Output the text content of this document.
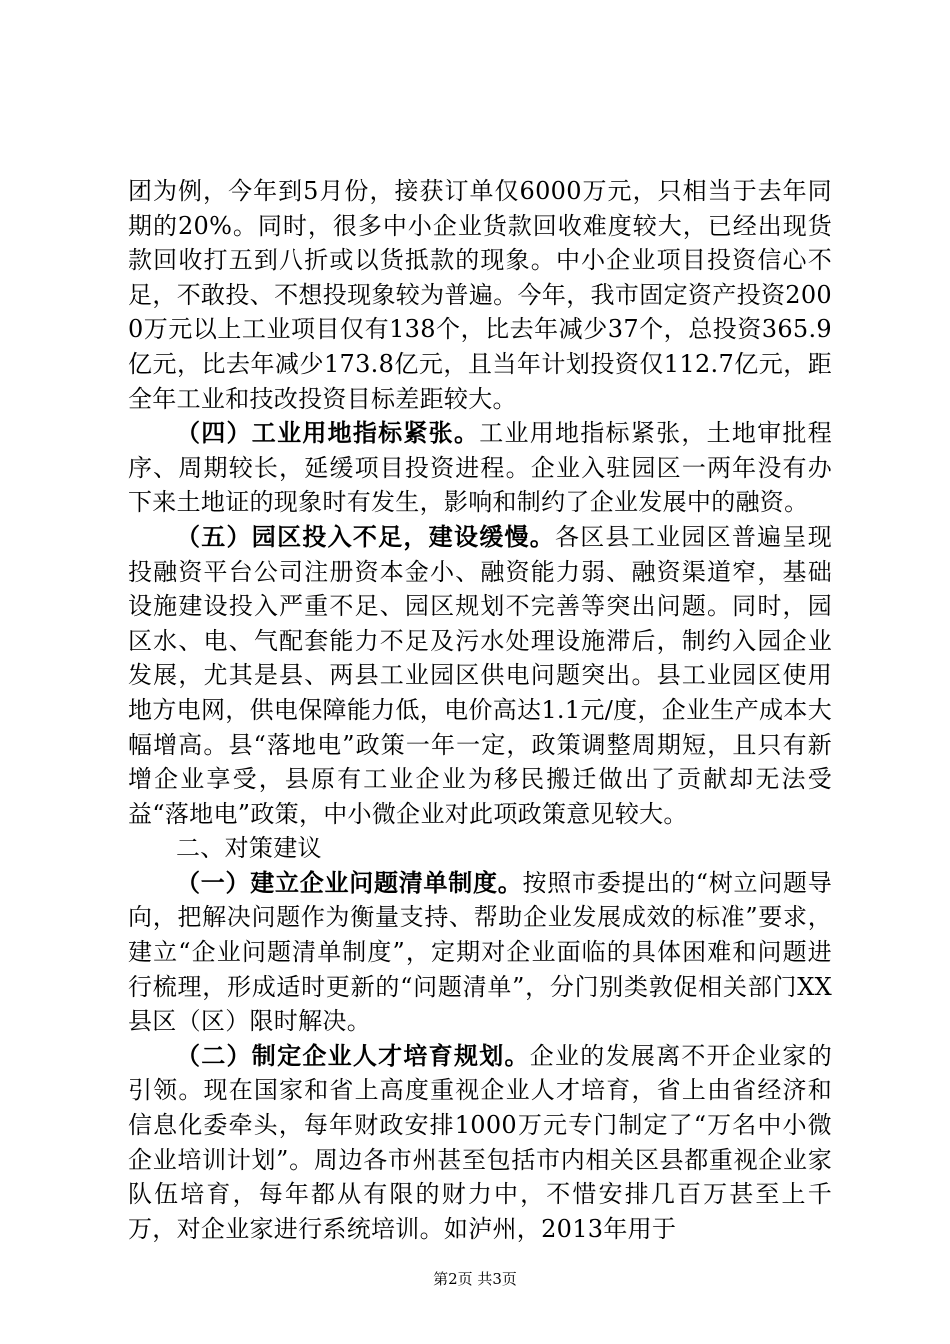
团为例，今年到5月份，接获订单仅6000万元，只相当于去年同期的20%。同时，很多中小企业货款回收难度较大，已经出现货款回收打五到八折或以货抵款的现象。中小企业项目投资信心不足，不敢投、不想投现象较为普遍。今年，我市固定资产投资2000万元以上工业项目仅有138个，比去年减少37个，总投资365.9亿元，比去年减少173.8亿元，且当年计划投资仅112.7亿元，距全年工业和技改投资目标差距较大。

（四）工业用地指标紧张。工业用地指标紧张，土地审批程序、周期较长，延缓项目投资进程。企业入驻园区一两年没有办下来土地证的现象时有发生，影响和制约了企业发展中的融资。

（五）园区投入不足，建设缓慢。各区县工业园区普遍呈现投融资平台公司注册资本金小、融资能力弱、融资渠道窄，基础设施建设投入严重不足、园区规划不完善等突出问题。同时，园区水、电、气配套能力不足及污水处理设施滞后，制约入园企业发展，尤其是县、两县工业园区供电问题突出。县工业园区使用地方电网，供电保障能力低，电价高达1.1元/度，企业生产成本大幅增高。县“落地电”政策一年一定，政策调整周期短，且只有新增企业享受，县原有工业企业为移民搬迁做出了贡献却无法受益“落地电”政策，中小微企业对此项政策意见较大。

二、对策建议

（一）建立企业问题清单制度。按照市委提出的“树立问题导向，把解决问题作为衡量支持、帮助企业发展成效的标准”要求，建立“企业问题清单制度”，定期对企业面临的具体困难和问题进行梳理，形成适时更新的“问题清单”，分门别类敦促相关部门XX县区（区）限时解决。

（二）制定企业人才培育规划。企业的发展离不开企业家的引领。现在国家和省上高度重视企业人才培育，省上由省经济和信息化委牵头，每年财政安排1000万元专门制定了“万名中小微企业培训计划”。周边各市州甚至包括市内相关区县都重视企业家队伍培育，每年都从有限的财力中，不惜安排几百万甚至上千万，对企业家进行系统培训。如泸州，2013年用于

第2页 共3页
